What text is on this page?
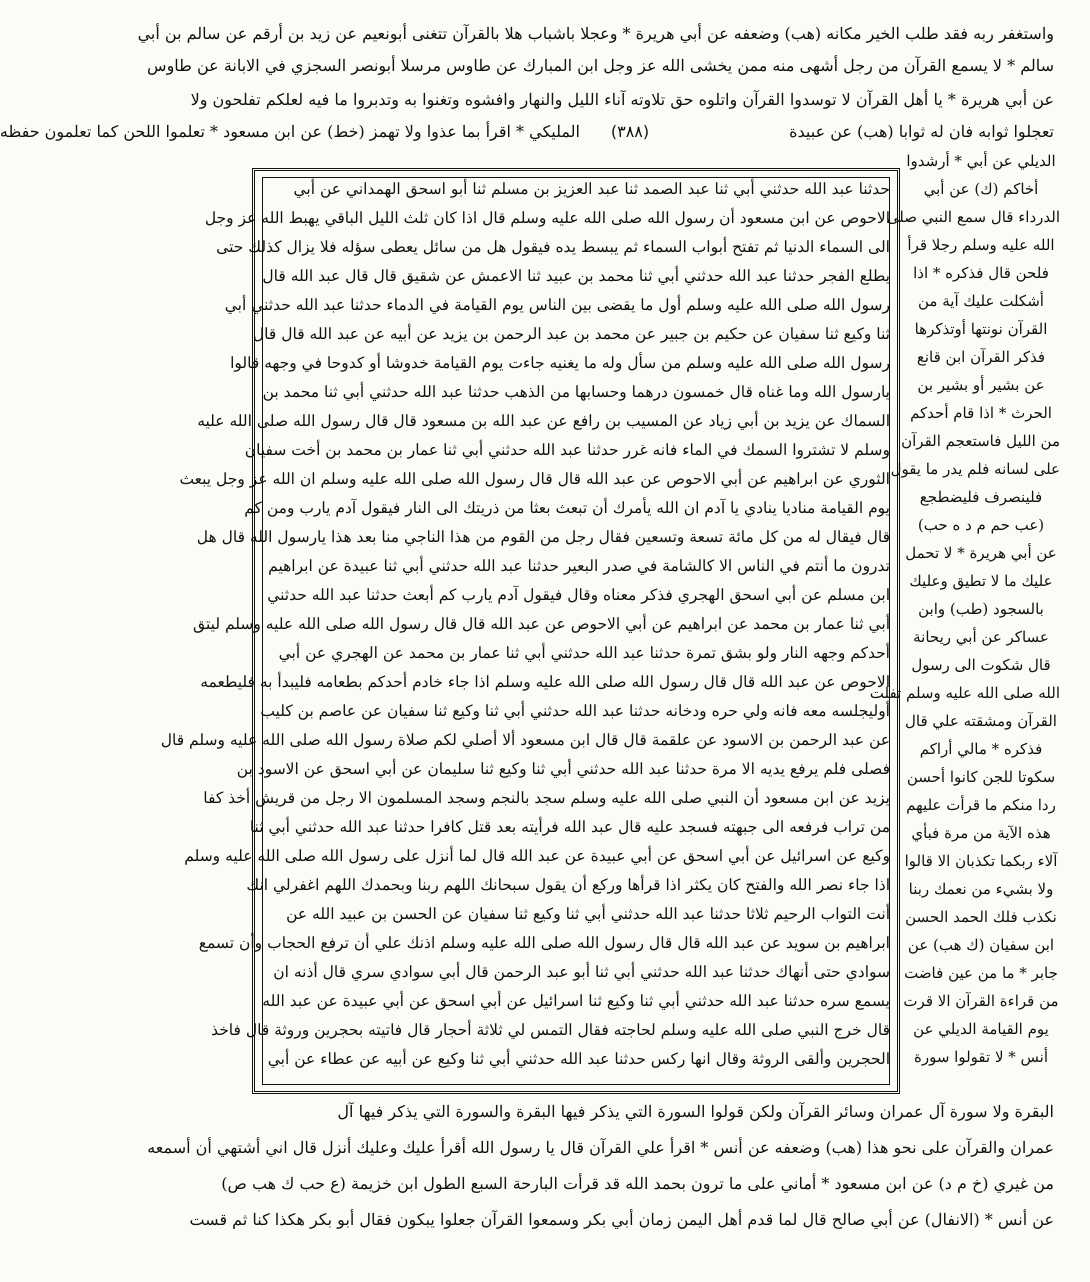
واستغفر ربه فقد طلب الخير مكانه (هب) وضعفه عن أبي هريرة * وعجلا باشباب هلا بالقرآن تتغنى أبونعيم عن زيد بن أرقم عن سالم بن أبي
سالم * لا يسمع القرآن من رجل أشهى منه ممن يخشى الله عز وجل ابن المبارك عن طاوس مرسلا أبونصر السجزي في الابانة عن طاوس
عن أبي هريرة * يا أهل القرآن لا توسدوا القرآن واتلوه حق تلاوته آناء الليل والنهار وافشوه وتغنوا به وتدبروا ما فيه لعلكم تفلحون ولا
تعجلوا ثوابه فان له ثوابا (هب) عن عبيدة
(٣٨٨)
المليكي * اقرأ بما عذوا ولا تهمز (خط) عن ابن مسعود * تعلموا اللحن كما تعلمون حفظه
حدثنا عبد الله حدثني أبي ثنا عبد الصمد ثنا عبد العزيز بن مسلم ثنا أبو اسحق الهمداني عن أبي
الاحوص عن ابن مسعود أن رسول الله صلى الله عليه وسلم قال اذا كان ثلث الليل الباقي يهبط الله عز وجل
الى السماء الدنيا ثم تفتح أبواب السماء ثم يبسط يده فيقول هل من سائل يعطى سؤله فلا يزال كذلك حتى
يطلع الفجر حدثنا عبد الله حدثني أبي ثنا محمد بن عبيد ثنا الاعمش عن شقيق قال قال عبد الله قال
رسول الله صلى الله عليه وسلم أول ما يقضى بين الناس يوم القيامة في الدماء حدثنا عبد الله حدثني أبي
ثنا وكيع ثنا سفيان عن حكيم بن جبير عن محمد بن عبد الرحمن بن يزيد عن أبيه عن عبد الله قال قال
رسول الله صلى الله عليه وسلم من سأل وله ما يغنيه جاءت يوم القيامة خدوشا أو كدوحا في وجهه قالوا
يارسول الله وما غناه قال خمسون درهما وحسابها من الذهب حدثنا عبد الله حدثني أبي ثنا محمد بن
السماك عن يزيد بن أبي زياد عن المسيب بن رافع عن عبد الله بن مسعود قال قال رسول الله صلى الله عليه
وسلم لا تشتروا السمك في الماء فانه غرر حدثنا عبد الله حدثني أبي ثنا عمار بن محمد بن أخت سفيان
الثوري عن ابراهيم عن أبي الاحوص عن عبد الله قال قال رسول الله صلى الله عليه وسلم ان الله عز وجل يبعث
يوم القيامة مناديا ينادي يا آدم ان الله يأمرك أن تبعث بعثا من ذريتك الى النار فيقول آدم يارب ومن كم
قال فيقال له من كل مائة تسعة وتسعين فقال رجل من القوم من هذا الناجي منا بعد هذا يارسول الله قال هل
تدرون ما أنتم في الناس الا كالشامة في صدر البعير حدثنا عبد الله حدثني أبي ثنا عبيدة عن ابراهيم
ابن مسلم عن أبي اسحق الهجري فذكر معناه وقال فيقول آدم يارب كم أبعث حدثنا عبد الله حدثني
أبي ثنا عمار بن محمد عن ابراهيم عن أبي الاحوص عن عبد الله قال قال رسول الله صلى الله عليه وسلم ليتق
أحدكم وجهه النار ولو بشق تمرة حدثنا عبد الله حدثني أبي ثنا عمار بن محمد عن الهجري عن أبي
الاحوص عن عبد الله قال قال رسول الله صلى الله عليه وسلم اذا جاء خادم أحدكم بطعامه فليبدأ به فليطعمه
أوليجلسه معه فانه ولي حره ودخانه حدثنا عبد الله حدثني أبي ثنا وكيع ثنا سفيان عن عاصم بن كليب
عن عبد الرحمن بن الاسود عن علقمة قال قال ابن مسعود ألا أصلي لكم صلاة رسول الله صلى الله عليه وسلم قال
فصلى فلم يرفع يديه الا مرة حدثنا عبد الله حدثني أبي ثنا وكيع ثنا سليمان عن أبي اسحق عن الاسود بن
يزيد عن ابن مسعود أن النبي صلى الله عليه وسلم سجد بالنجم وسجد المسلمون الا رجل من قريش أخذ كفا
من تراب فرفعه الى جبهته فسجد عليه قال عبد الله فرأيته بعد قتل كافرا حدثنا عبد الله حدثني أبي ثنا
وكيع عن اسرائيل عن أبي اسحق عن أبي عبيدة عن عبد الله قال لما أنزل على رسول الله صلى الله عليه وسلم
اذا جاء نصر الله والفتح كان يكثر اذا قرأها وركع أن يقول سبحانك اللهم ربنا وبحمدك اللهم اغفرلي انك
أنت التواب الرحيم ثلاثا حدثنا عبد الله حدثني أبي ثنا وكيع ثنا سفيان عن الحسن بن عبيد الله عن
ابراهيم بن سويد عن عبد الله قال قال رسول الله صلى الله عليه وسلم اذنك علي أن ترفع الحجاب وأن تسمع
سوادي حتى أنهاك حدثنا عبد الله حدثني أبي ثنا أبو عبد الرحمن قال أبي سوادي سري قال أذنه ان
يسمع سره حدثنا عبد الله حدثني أبي ثنا وكيع ثنا اسرائيل عن أبي اسحق عن أبي عبيدة عن عبد الله
قال خرج النبي صلى الله عليه وسلم لحاجته فقال التمس لي ثلاثة أحجار قال فاتيته بحجرين وروثة قال فاخذ
الحجرين وألقى الروثة وقال انها ركس حدثنا عبد الله حدثني أبي ثنا وكيع عن أبيه عن عطاء عن أبي
الديلي عن أبي * أرشدوا
أخاكم (ك) عن أبي
الدرداء قال سمع النبي صلى
الله عليه وسلم رجلا قرأ
فلحن قال فذكره * اذا
أشكلت عليك آية من
القرآن نونتها أوتذكرها
فذكر القرآن ابن قانع
عن بشير أو بشير بن
الحرث * اذا قام أحدكم
من الليل فاستعجم القرآن
على لسانه فلم يدر ما يقول
فلينصرف فليضطجع
(عب حم م د ه حب)
عن أبي هريرة * لا تحمل
عليك ما لا تطيق وعليك
بالسجود (طب) وابن
عساكر عن أبي ريحانة
قال شكوت الى رسول
الله صلى الله عليه وسلم تفلت
القرآن ومشقته علي قال
فذكره * مالي أراكم
سكوتا للجن كانوا أحسن
ردا منكم ما قرأت عليهم
هذه الآية من مرة فبأي
آلاء ربكما تكذبان الا قالوا
ولا بشيء من نعمك ربنا
نكذب فلك الحمد الحسن
ابن سفيان (ك هب) عن
جابر * ما من عين فاضت
من قراءة القرآن الا قرت
يوم القيامة الديلي عن
أنس * لا تقولوا سورة
البقرة ولا سورة آل عمران وسائر القرآن ولكن قولوا السورة التي يذكر فيها البقرة والسورة التي يذكر فيها آل
عمران والقرآن على نحو هذا (هب) وضعفه عن أنس * اقرأ علي القرآن قال يا رسول الله أقرأ عليك وعليك أنزل قال اني أشتهي أن أسمعه
من غيري (خ م د) عن ابن مسعود * أماني على ما ترون بحمد الله قد قرأت البارحة السبع الطول ابن خزيمة (ع حب ك هب ص)
عن أنس * (الانفال) عن أبي صالح قال لما قدم أهل اليمن زمان أبي بكر وسمعوا القرآن جعلوا يبكون فقال أبو بكر هكذا كنا ثم قست
